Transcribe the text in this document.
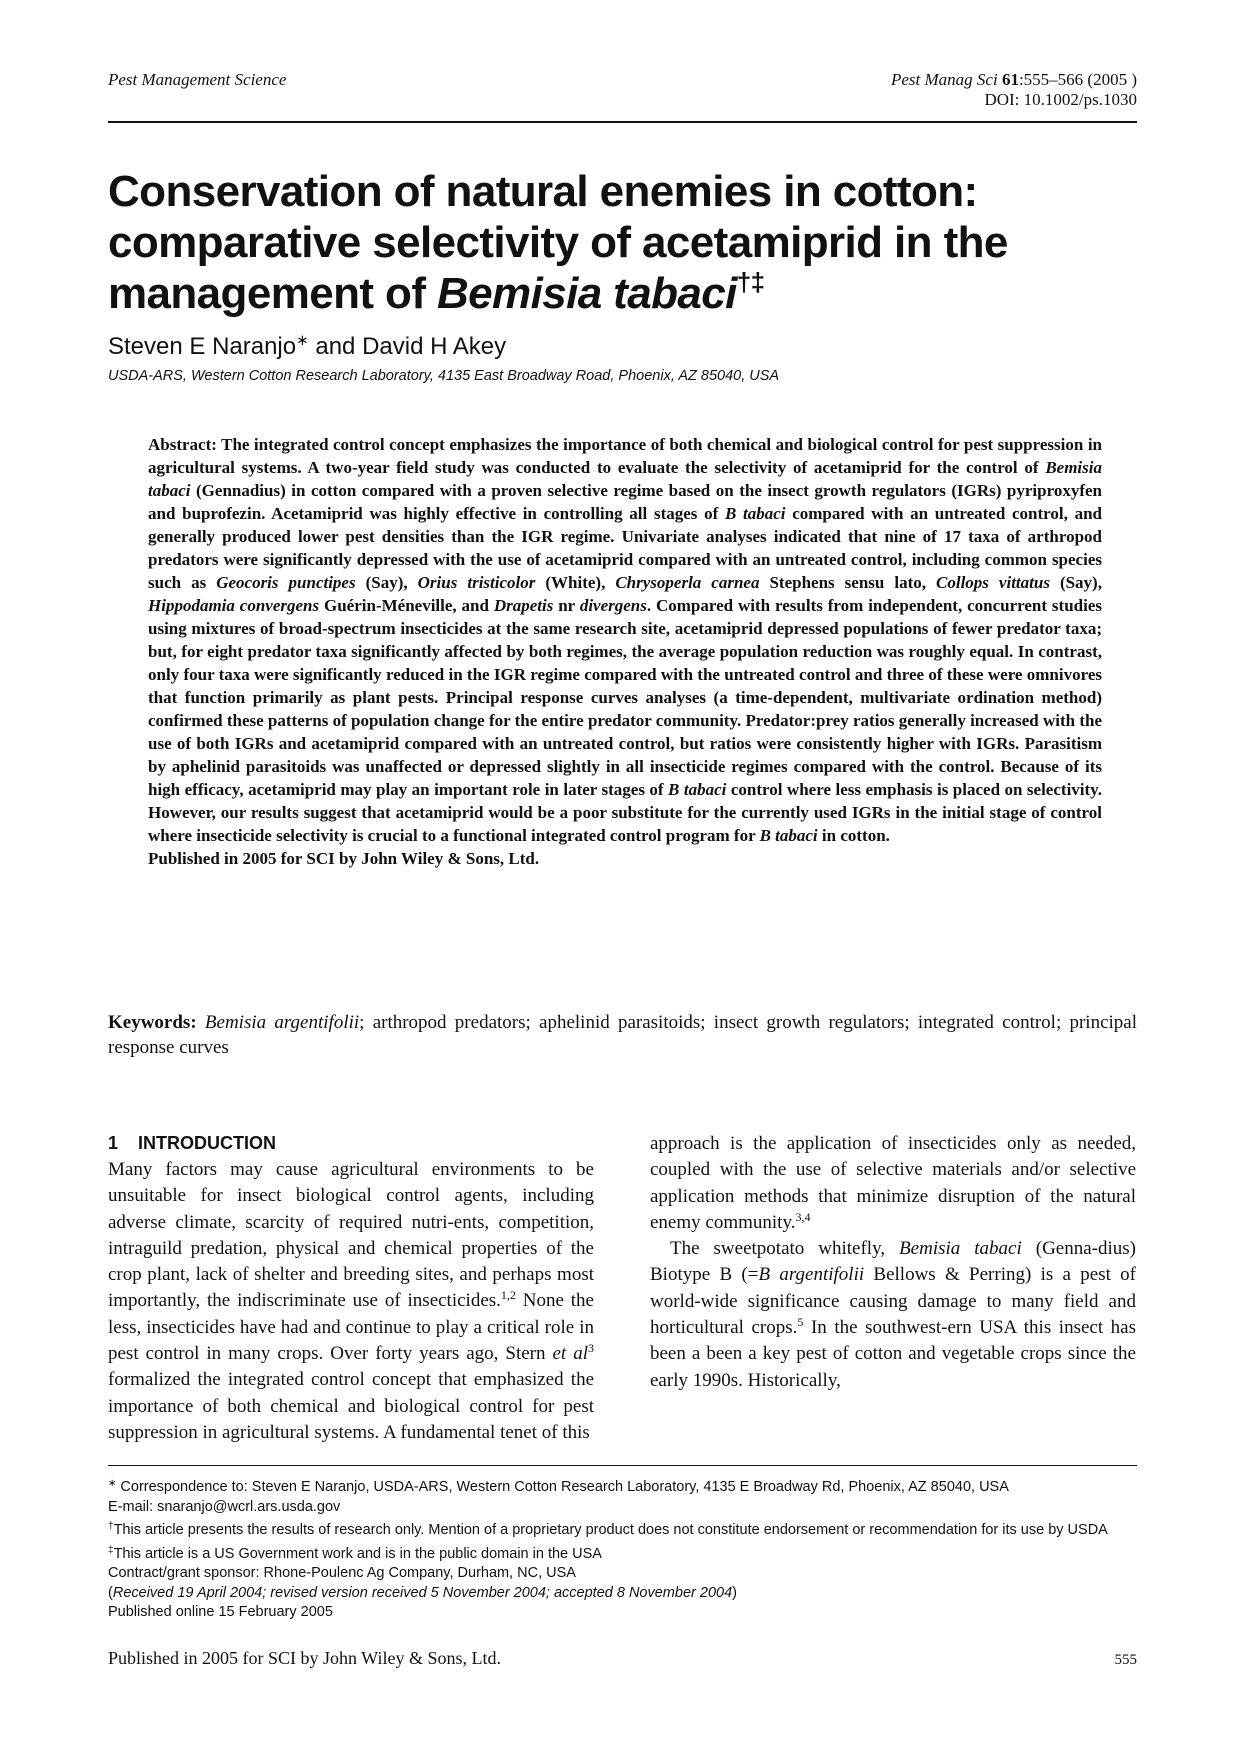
Pest Management Science	Pest Manag Sci 61:555–566 (2005 )
DOI: 10.1002/ps.1030
Conservation of natural enemies in cotton:
comparative selectivity of acetamiprid in the
management of Bemisia tabaci†‡
Steven E Naranjo∗ and David H Akey
USDA-ARS, Western Cotton Research Laboratory, 4135 East Broadway Road, Phoenix, AZ 85040, USA

Abstract: The integrated control concept emphasizes the importance of both chemical and biological control for pest suppression in agricultural systems. A two-year field study was conducted to evaluate the selectivity of acetamiprid for the control of Bemisia tabaci (Gennadius) in cotton compared with a proven selective regime based on the insect growth regulators (IGRs) pyriproxyfen and buprofezin. Acetamiprid was highly effective in controlling all stages of B tabaci compared with an untreated control, and generally produced lower pest densities than the IGR regime. Univariate analyses indicated that nine of 17 taxa of arthropod predators were significantly depressed with the use of acetamiprid compared with an untreated control, including common species such as Geocoris punctipes (Say), Orius tristicolor (White), Chrysoperla carnea Stephens sensu lato, Collops vittatus (Say), Hippodamia convergens Guérin-Méneville, and Drapetis nr divergens. Compared with results from independent, concurrent studies using mixtures of broad-spectrum insecticides at the same research site, acetamiprid depressed populations of fewer predator taxa; but, for eight predator taxa significantly affected by both regimes, the average population reduction was roughly equal. In contrast, only four taxa were significantly reduced in the IGR regime compared with the untreated control and three of these were omnivores that function primarily as plant pests. Principal response curves analyses (a time-dependent, multivariate ordination method) confirmed these patterns of population change for the entire predator community. Predator:prey ratios generally increased with the use of both IGRs and acetamiprid compared with an untreated control, but ratios were consistently higher with IGRs. Parasitism by aphelinid parasitoids was unaffected or depressed slightly in all insecticide regimes compared with the control. Because of its high efficacy, acetamiprid may play an important role in later stages of B tabaci control where less emphasis is placed on selectivity. However, our results suggest that acetamiprid would be a poor substitute for the currently used IGRs in the initial stage of control where insecticide selectivity is crucial to a functional integrated control program for B tabaci in cotton.

Published in 2005 for SCI by John Wiley & Sons, Ltd.

Keywords: Bemisia argentifolii; arthropod predators; aphelinid parasitoids; insect growth regulators; integrated control; principal response curves
1 INTRODUCTION

Many factors may cause agricultural environments to be unsuitable for insect biological control agents, including adverse climate, scarcity of required nutri-ents, competition, intraguild predation, physical and chemical properties of the crop plant, lack of shelter and breeding sites, and perhaps most importantly, the indiscriminate use of insecticides.$^{1,2}$ None the less, insecticides have had and continue to play a critical role in pest control in many crops. Over forty years ago, Stern et $al^3$ formalized the integrated control concept that emphasized the importance of both chemical and biological control for pest suppression in agricultural systems. A fundamental tenet of this

approach is the application of insecticides only as needed, coupled with the use of selective materials and/or selective application methods that minimize disruption of the natural enemy community.$^{3,4}$

The sweetpotato whitefly, Bemisia tabaci (Genna-dius) Biotype B (=B argentifolii Bellows & Perring) is a pest of world-wide significance causing damage to many field and horticultural crops.$^5$ In the southwest-ern USA this insect has been a been a key pest of cotton and vegetable crops since the early 1990s. Historically,

∗ Correspondence to: Steven E Naranjo, USDA-ARS, Western Cotton Research Laboratory, 4135 E Broadway Rd, Phoenix, AZ 85040, USA
E-mail: snaranjo@wcrl.ars.usda.gov

†This article presents the results of research only. Mention of a proprietary product does not constitute endorsement or recommendation for its use by USDA

‡This article is a US Government work and is in the public domain in the USA

Contract/grant sponsor: Rhone-Poulenc Ag Company, Durham, NC, USA

(Received 19 April 2004; revised version received 5 November 2004; accepted 8 November 2004)

Published online 15 February 2005

Published in 2005 for SCI by John Wiley & Sons, Ltd.	555
